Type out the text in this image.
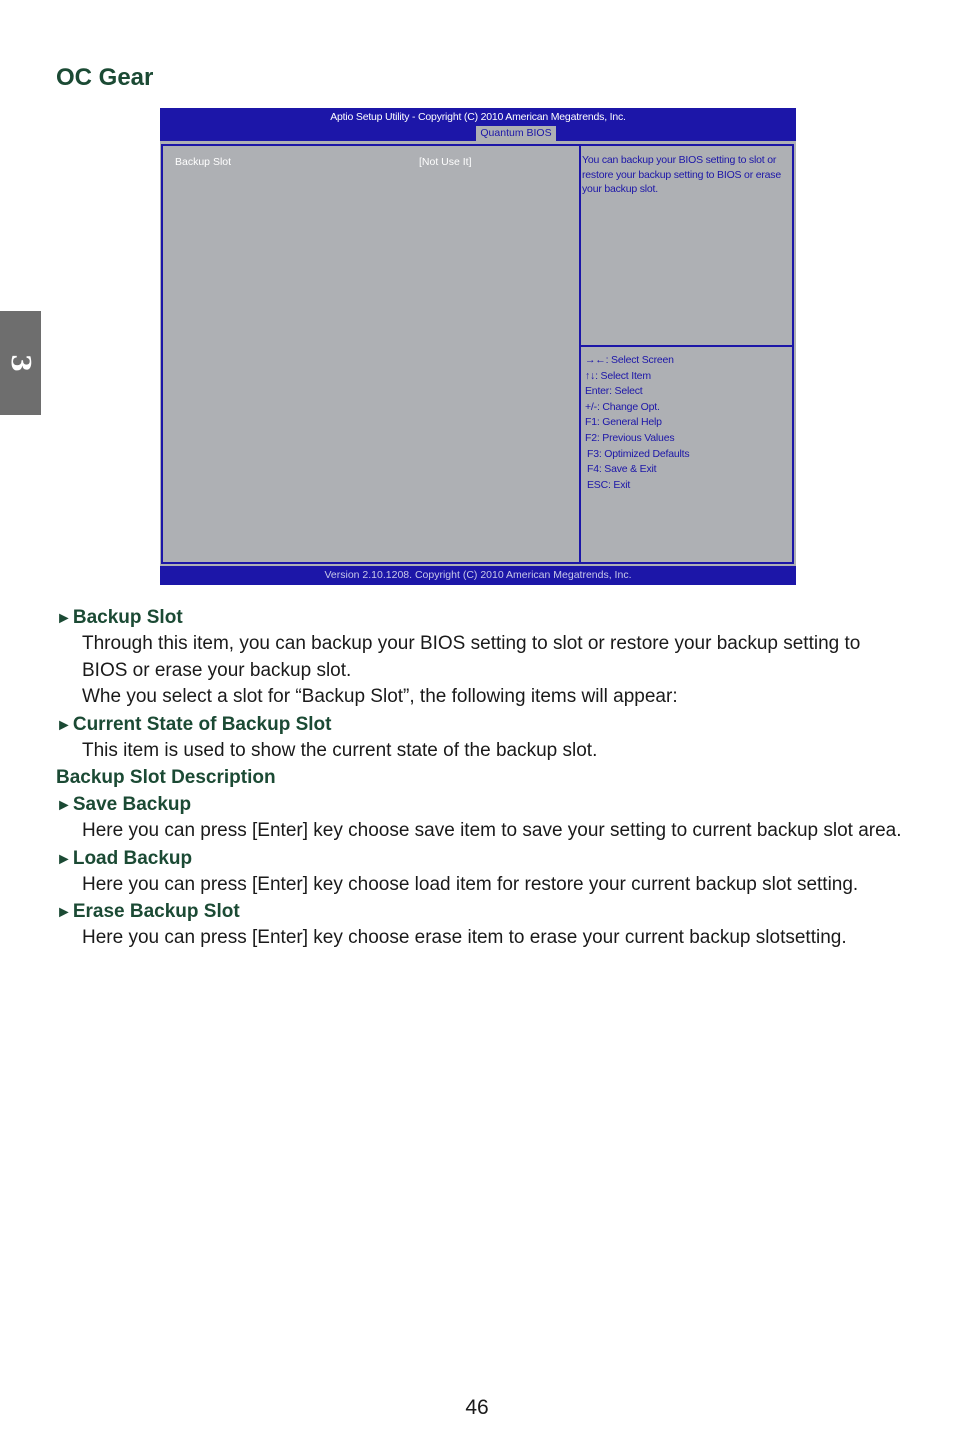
3
OC Gear
Aptio Setup Utility - Copyright (C) 2010 American Megatrends, Inc.
Quantum BIOS
Backup Slot	[Not Use It]	You can backup your BIOS setting to slot or restore your backup setting to BIOS or erase your backup slot.
→←: Select Screen
↑↓: Select Item
Enter: Select
+/-: Change Opt.
F1: General Help
F2: Previous Values
F3: Optimized Defaults
F4: Save & Exit
ESC: Exit
Version 2.10.1208. Copyright (C) 2010 American Megatrends, Inc.
►Backup Slot
Through this item, you can backup your BIOS setting to slot or restore your backup setting to
BIOS or erase your backup slot.
Whe you select a slot for “Backup Slot”, the following items will appear:
►Current State of Backup Slot
This item is used to show the current state of the backup slot.
Backup Slot Description
►Save Backup
Here you can press [Enter] key choose save item to save your setting to current backup slot area.
►Load Backup
Here you can press [Enter] key choose load item for restore your current backup slot setting.
►Erase Backup Slot
Here you can press [Enter] key choose erase item to erase your current backup slotsetting.
46
